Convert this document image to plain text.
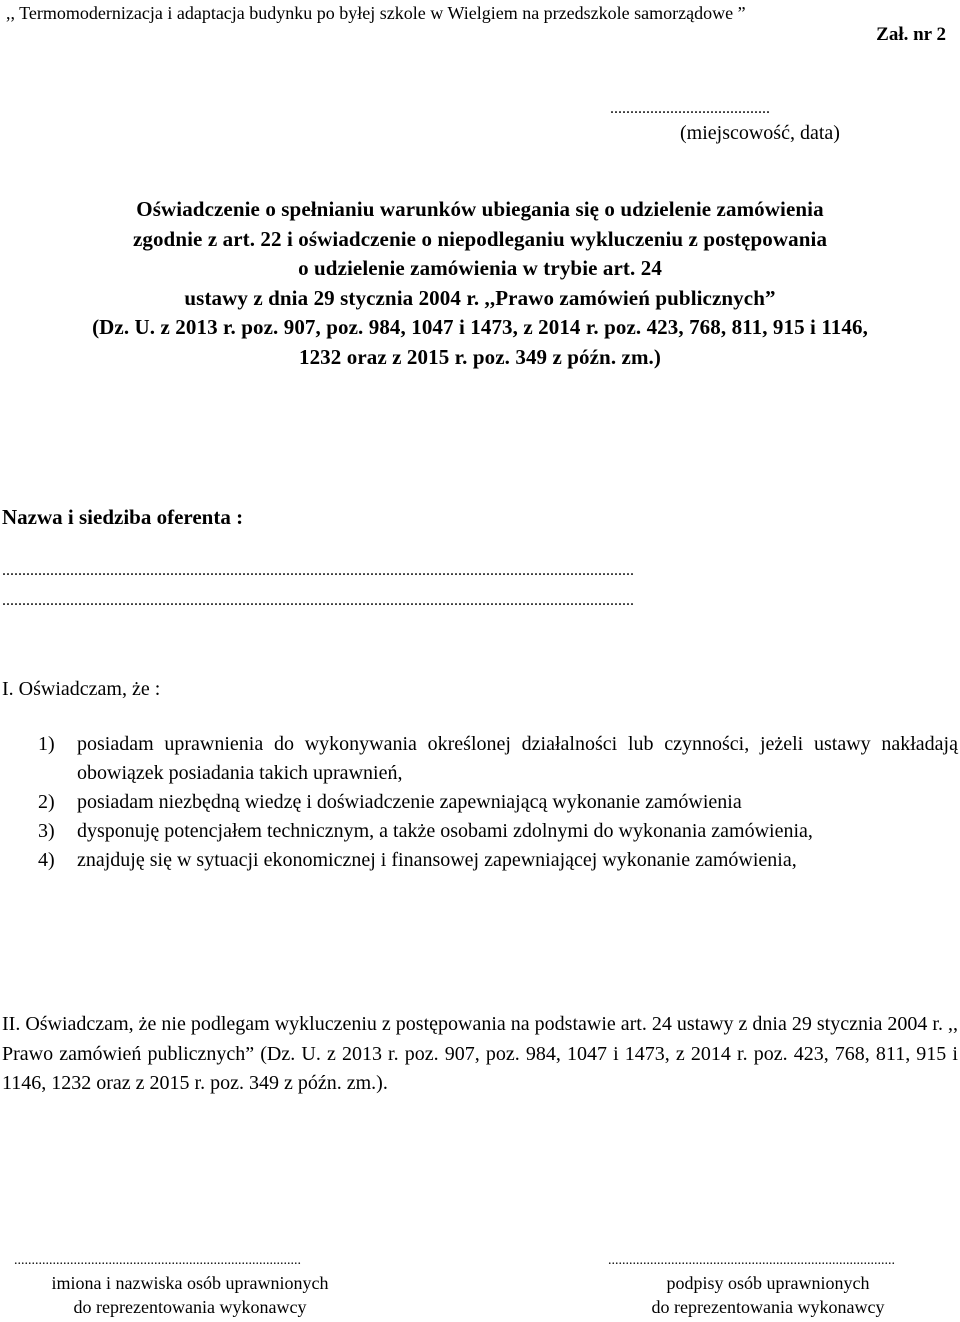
,, Termomodernizacja i adaptacja budynku po byłej szkole w Wielgiem na przedszkole samorządowe ”
Zał. nr 2
........................................
(miejscowość, data)
Oświadczenie o spełnianiu warunków ubiegania się o udzielenie zamówienia
zgodnie z art. 22 i oświadczenie o niepodleganiu wykluczeniu z postępowania
o udzielenie zamówienia w trybie art. 24
ustawy z dnia 29 stycznia 2004 r. ,,Prawo zamówień publicznych”
(Dz. U. z 2013 r. poz. 907, poz. 984, 1047 i 1473, z 2014 r. poz. 423, 768, 811, 915 i 1146,
1232 oraz z 2015 r. poz. 349 z późn. zm.)
Nazwa i siedziba oferenta :
..............................................................................................................................................................
..............................................................................................................................................................
I. Oświadczam, że :
1)	posiadam uprawnienia do wykonywania określonej działalności lub czynności, jeżeli ustawy nakładają obowiązek posiadania takich uprawnień,
2)	posiadam niezbędną wiedzę i doświadczenie zapewniającą wykonanie zamówienia
3)	dysponuję potencjałem technicznym, a także osobami zdolnymi do wykonania zamówienia,
4)	znajduję się w sytuacji ekonomicznej i finansowej zapewniającej wykonanie zamówienia,
II. Oświadczam, że nie podlegam wykluczeniu z postępowania na podstawie art. 24 ustawy z dnia 29 stycznia 2004 r. ,, Prawo zamówień publicznych” (Dz. U. z 2013 r. poz. 907, poz. 984, 1047 i 1473, z 2014 r. poz. 423, 768, 811, 915 i 1146, 1232 oraz z 2015 r. poz. 349 z późn. zm.).
..................................................................................	..................................................................................
imiona i nazwiska osób uprawnionych
do reprezentowania wykonawcy
podpisy osób uprawnionych
do reprezentowania wykonawcy
